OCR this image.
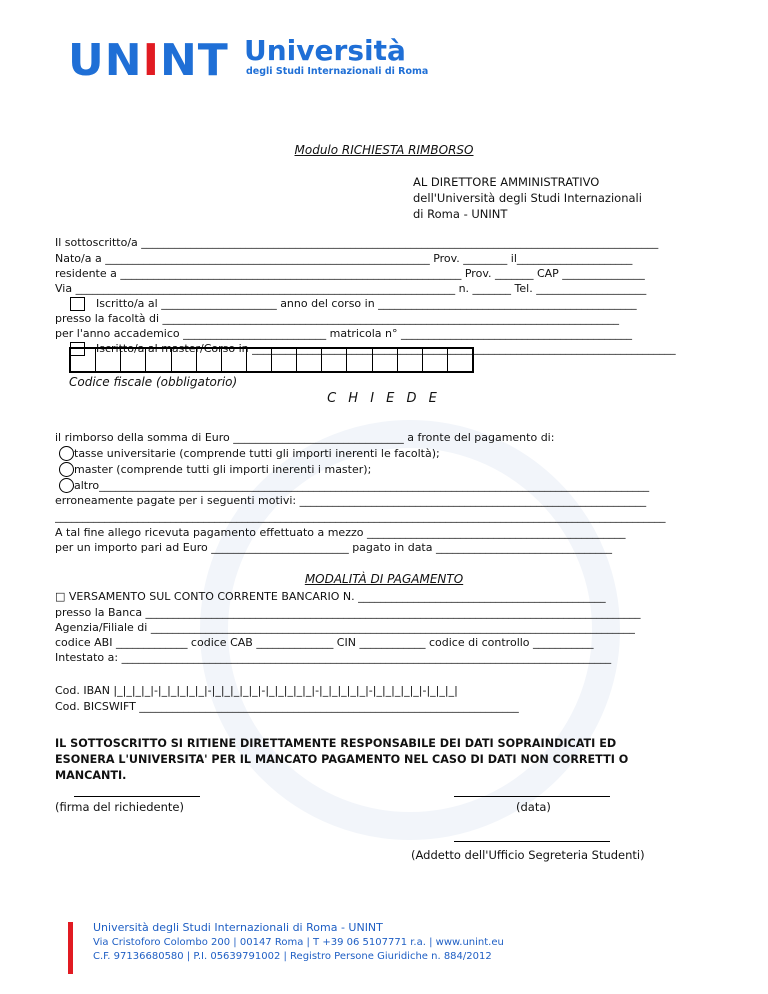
UNINT Università
degli Studi Internazionali di Roma
Modulo RICHIESTA RIMBORSO
AL DIRETTORE AMMINISTRATIVO
dell'Università degli Studi Internazionali
di Roma - UNINT
Il sottoscritto/a ______________________________________________________________________________________________
Nato/a a ___________________________________________________________ Prov. ________ il_____________________
residente a ______________________________________________________________ Prov. _______ CAP _______________
Via _____________________________________________________________________ n. _______ Tel. ____________________
Iscritto/a al _____________________ anno del corso in _______________________________________________
presso la facoltà di ___________________________________________________________________________________
per l'anno accademico __________________________ matricola n° __________________________________________
Iscritto/a al master/Corso in _____________________________________________________________________________
Codice fiscale (obbligatorio)
C H I E D E
il rimborso della somma di Euro _______________________________ a fronte del pagamento di:
tasse universitarie (comprende tutti gli importi inerenti le facoltà);
master (comprende tutti gli importi inerenti i master);
altro____________________________________________________________________________________________________
erroneamente pagate per i seguenti motivi: _______________________________________________________________
_______________________________________________________________________________________________________________
A tal fine allego ricevuta pagamento effettuato a mezzo _______________________________________________
per un importo pari ad Euro _________________________ pagato in data ________________________________
MODALITÀ DI PAGAMENTO
□ VERSAMENTO SUL CONTO CORRENTE BANCARIO N. _____________________________________________
presso la Banca __________________________________________________________________________________________
Agenzia/Filiale di ________________________________________________________________________________________
codice ABI _____________ codice CAB ______________ CIN ____________ codice di controllo ___________
Intestato a: _________________________________________________________________________________________
Cod. IBAN |_|_|_|_|-|_|_|_|_|_|-|_|_|_|_|_|-|_|_|_|_|_|-|_|_|_|_|_|-|_|_|_|_|_|-|_|_|_|
Cod. BICSWIFT _____________________________________________________________________
IL SOTTOSCRITTO SI RITIENE DIRETTAMENTE RESPONSABILE DEI DATI SOPRAINDICATI ED
ESONERA L'UNIVERSITA' PER IL MANCATO PAGAMENTO NEL CASO DI DATI NON CORRETTI O
MANCANTI.
(firma del richiedente)	(data)
(Addetto dell'Ufficio Segreteria Studenti)
Università degli Studi Internazionali di Roma - UNINT
Via Cristoforo Colombo 200 | 00147 Roma | T +39 06 5107771 r.a. | www.unint.eu
C.F. 97136680580 | P.I. 05639791002 | Registro Persone Giuridiche n. 884/2012
